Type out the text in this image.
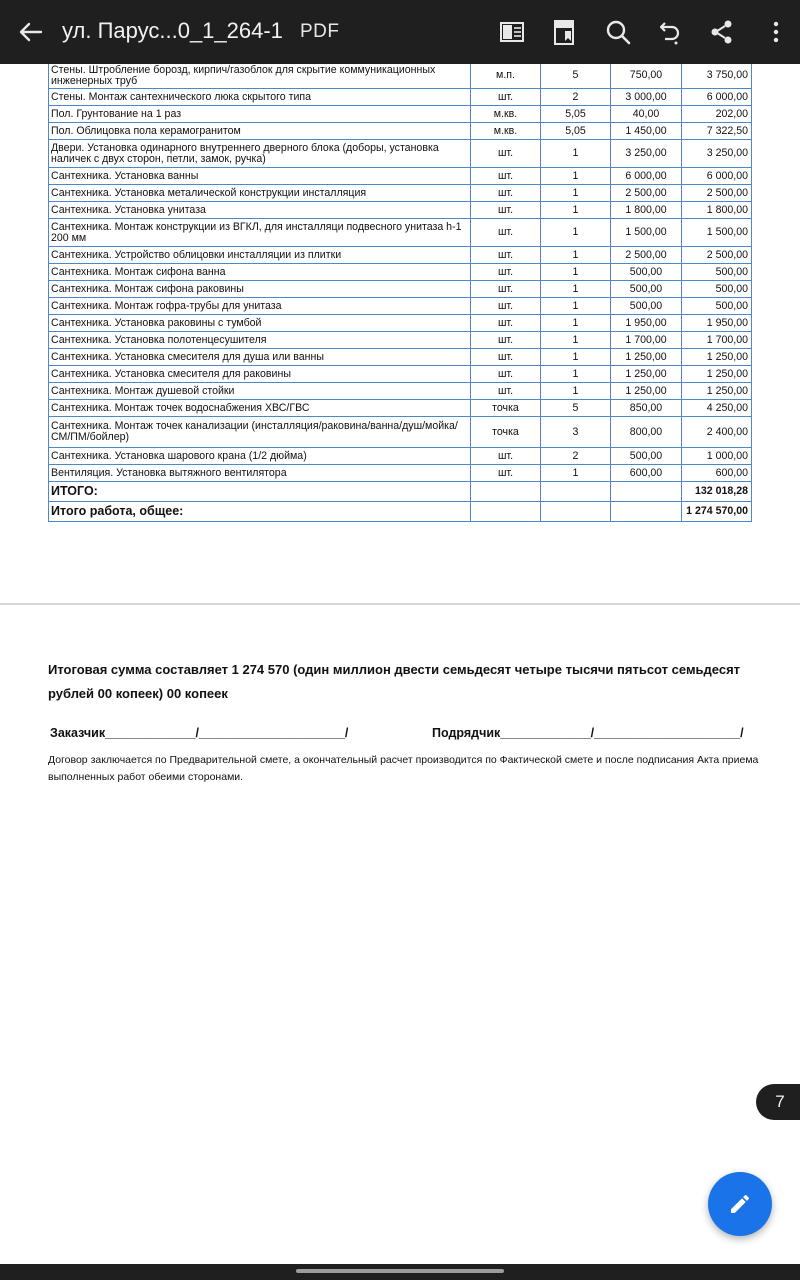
ул. Парус...0_1_264-1 PDF

Стены. Штробление борозд, кирпич/газоблок для скрытие коммуникационных инженерных труб	м.п.	5	750,00	3 750,00
Стены. Монтаж сантехнического люка скрытого типа	шт.	2	3 000,00	6 000,00
Пол. Грунтование на 1 раз	м.кв.	5,05	40,00	202,00
Пол. Облицовка пола керамогранитом	м.кв.	5,05	1 450,00	7 322,50
Двери. Установка одинарного внутреннего дверного блока (доборы, установка наличек с двух сторон, петли, замок, ручка)	шт.	1	3 250,00	3 250,00
Сантехника. Установка ванны	шт.	1	6 000,00	6 000,00
Сантехника. Установка металической конструкции инсталляция	шт.	1	2 500,00	2 500,00
Сантехника. Установка унитаза	шт.	1	1 800,00	1 800,00
Сантехника. Монтаж конструкции из ВГКЛ, для инсталляци подвесного унитаза h-1 200 мм	шт.	1	1 500,00	1 500,00
Сантехника. Устройство облицовки инсталляции из плитки	шт.	1	2 500,00	2 500,00
Сантехника. Монтаж сифона ванна	шт.	1	500,00	500,00
Сантехника. Монтаж сифона раковины	шт.	1	500,00	500,00
Сантехника. Монтаж гофра-трубы для унитаза	шт.	1	500,00	500,00
Сантехника. Установка раковины с тумбой	шт.	1	1 950,00	1 950,00
Сантехника. Установка полотенцесушителя	шт.	1	1 700,00	1 700,00
Сантехника. Установка смесителя для душа или ванны	шт.	1	1 250,00	1 250,00
Сантехника. Установка смесителя для раковины	шт.	1	1 250,00	1 250,00
Сантехника. Монтаж душевой стойки	шт.	1	1 250,00	1 250,00
Сантехника. Монтаж точек водоснабжения ХВС/ГВС	точка	5	850,00	4 250,00
Сантехника. Монтаж точек канализации (инсталляция/раковина/ванна/душ/мойка/СМ/ПМ/бойлер)	точка	3	800,00	2 400,00
Сантехника. Установка шарового крана (1/2 дюйма)	шт.	2	500,00	1 000,00
Вентиляция. Установка вытяжного вентилятора	шт.	1	600,00	600,00
ИТОГО:				132 018,28
Итого работа, общее:				1 274 570,00
Итоговая сумма составляет 1 274 570 (один миллион двести семьдесят четыре тысячи пятьсот семьдесят рублей 00 копеек) 00 копеек
Заказчик_____________/_____________________/	Подрядчик_____________/_____________________/
Договор заключается по Предварительной смете, а окончательный расчет производится по Фактической смете и после подписания Акта приема выполненных работ обеими сторонами.
7
